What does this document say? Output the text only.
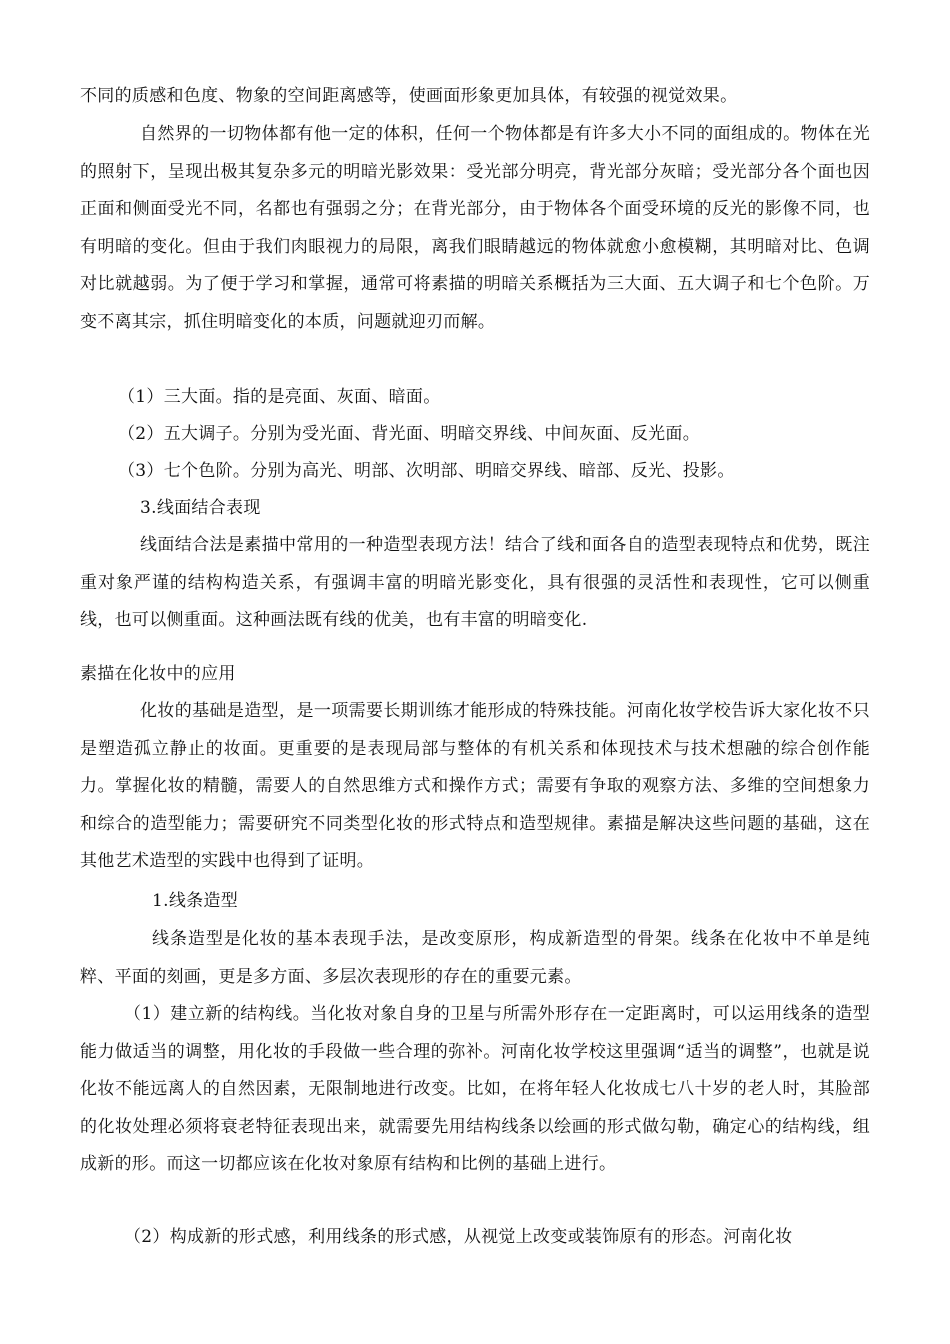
不同的质感和色度、物象的空间距离感等，使画面形象更加具体，有较强的视觉效果。

自然界的一切物体都有他一定的体积，任何一个物体都是有许多大小不同的面组成的。物体在光的照射下，呈现出极其复杂多元的明暗光影效果：受光部分明亮，背光部分灰暗；受光部分各个面也因正面和侧面受光不同，名都也有强弱之分；在背光部分，由于物体各个面受环境的反光的影像不同，也有明暗的变化。但由于我们肉眼视力的局限，离我们眼睛越远的物体就愈小愈模糊，其明暗对比、色调对比就越弱。为了便于学习和掌握，通常可将素描的明暗关系概括为三大面、五大调子和七个色阶。万变不离其宗，抓住明暗变化的本质，问题就迎刃而解。

（1）三大面。指的是亮面、灰面、暗面。

（2）五大调子。分别为受光面、背光面、明暗交界线、中间灰面、反光面。

（3）七个色阶。分别为高光、明部、次明部、明暗交界线、暗部、反光、投影。

3.线面结合表现

线面结合法是素描中常用的一种造型表现方法！结合了线和面各自的造型表现特点和优势，既注重对象严谨的结构构造关系，有强调丰富的明暗光影变化，具有很强的灵活性和表现性，它可以侧重线，也可以侧重面。这种画法既有线的优美，也有丰富的明暗变化.

素描在化妆中的应用

化妆的基础是造型，是一项需要长期训练才能形成的特殊技能。河南化妆学校告诉大家化妆不只是塑造孤立静止的妆面。更重要的是表现局部与整体的有机关系和体现技术与技术想融的综合创作能力。掌握化妆的精髓，需要人的自然思维方式和操作方式；需要有争取的观察方法、多维的空间想象力和综合的造型能力；需要研究不同类型化妆的形式特点和造型规律。素描是解决这些问题的基础，这在其他艺术造型的实践中也得到了证明。

1.线条造型

线条造型是化妆的基本表现手法，是改变原形，构成新造型的骨架。线条在化妆中不单是纯粹、平面的刻画，更是多方面、多层次表现形的存在的重要元素。

（1）建立新的结构线。当化妆对象自身的卫星与所需外形存在一定距离时，可以运用线条的造型能力做适当的调整，用化妆的手段做一些合理的弥补。河南化妆学校这里强调“适当的调整”，也就是说化妆不能远离人的自然因素，无限制地进行改变。比如，在将年轻人化妆成七八十岁的老人时，其脸部的化妆处理必须将衰老特征表现出来，就需要先用结构线条以绘画的形式做勾勒，确定心的结构线，组成新的形。而这一切都应该在化妆对象原有结构和比例的基础上进行。

（2）构成新的形式感，利用线条的形式感，从视觉上改变或装饰原有的形态。河南化妆
